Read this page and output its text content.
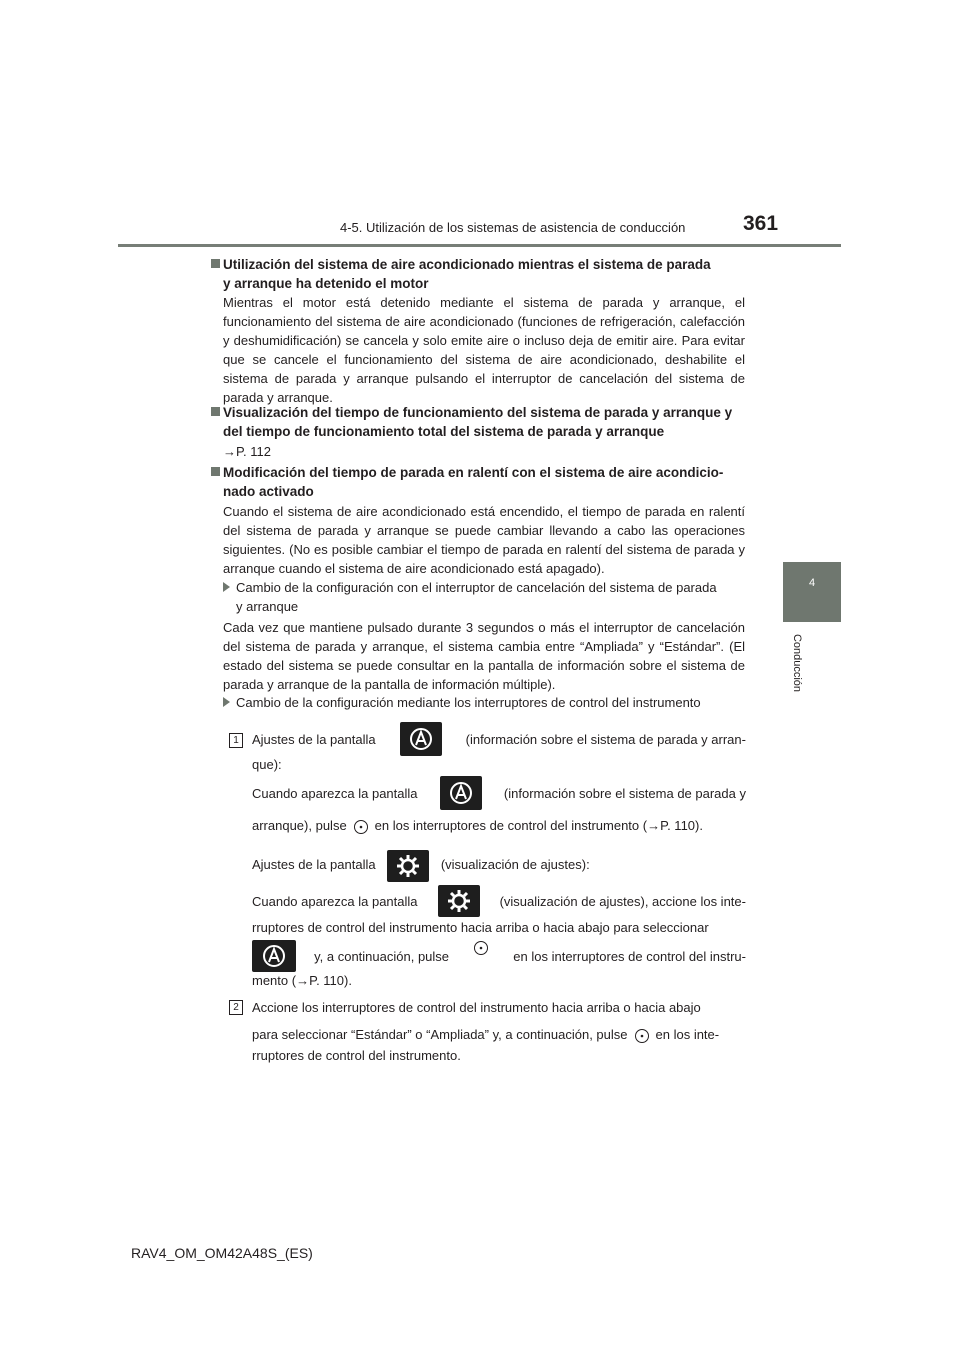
4-5. Utilización de los sistemas de asistencia de conducción	361
4
Conducción
Utilización del sistema de aire acondicionado mientras el sistema de parada
y arranque ha detenido el motor
Mientras el motor está detenido mediante el sistema de parada y arranque, el funcionamiento del sistema de aire acondicionado (funciones de refrigeración, calefacción y deshumidificación) se cancela y solo emite aire o incluso deja de emitir aire. Para evitar que se cancele el funcionamiento del sistema de aire acondicionado, deshabilite el sistema de parada y arranque pulsando el interruptor de cancelación del sistema de parada y arranque.
Visualización del tiempo de funcionamiento del sistema de parada y arranque y
del tiempo de funcionamiento total del sistema de parada y arranque
→P. 112
Modificación del tiempo de parada en ralentí con el sistema de aire acondicio-
nado activado
Cuando el sistema de aire acondicionado está encendido, el tiempo de parada en ralentí del sistema de parada y arranque se puede cambiar llevando a cabo las operaciones siguientes. (No es posible cambiar el tiempo de parada en ralentí del sistema de parada y arranque cuando el sistema de aire acondicionado está apagado).
Cambio de la configuración con el interruptor de cancelación del sistema de parada
y arranque
Cada vez que mantiene pulsado durante 3 segundos o más el interruptor de cancelación del sistema de parada y arranque, el sistema cambia entre “Ampliada” y “Estándar”. (El estado del sistema se puede consultar en la pantalla de información sobre el sistema de parada y arranque de la pantalla de información múltiple).
Cambio de la configuración mediante los interruptores de control del instrumento
1	Ajustes de la pantalla	(información sobre el sistema de parada y arran-
que):
Cuando aparezca la pantalla	(información sobre el sistema de parada y
arranque), pulse en los interruptores de control del instrumento (→P. 110).
Ajustes de la pantalla	(visualización de ajustes):
Cuando aparezca la pantalla	(visualización de ajustes), accione los inte-
rruptores de control del instrumento hacia arriba o hacia abajo para seleccionar
y, a continuación, pulse	en los interruptores de control del instru-
mento (→P. 110).
2	Accione los interruptores de control del instrumento hacia arriba o hacia abajo
para seleccionar “Estándar” o “Ampliada” y, a continuación, pulse en los inte-
rruptores de control del instrumento.
RAV4_OM_OM42A48S_(ES)
